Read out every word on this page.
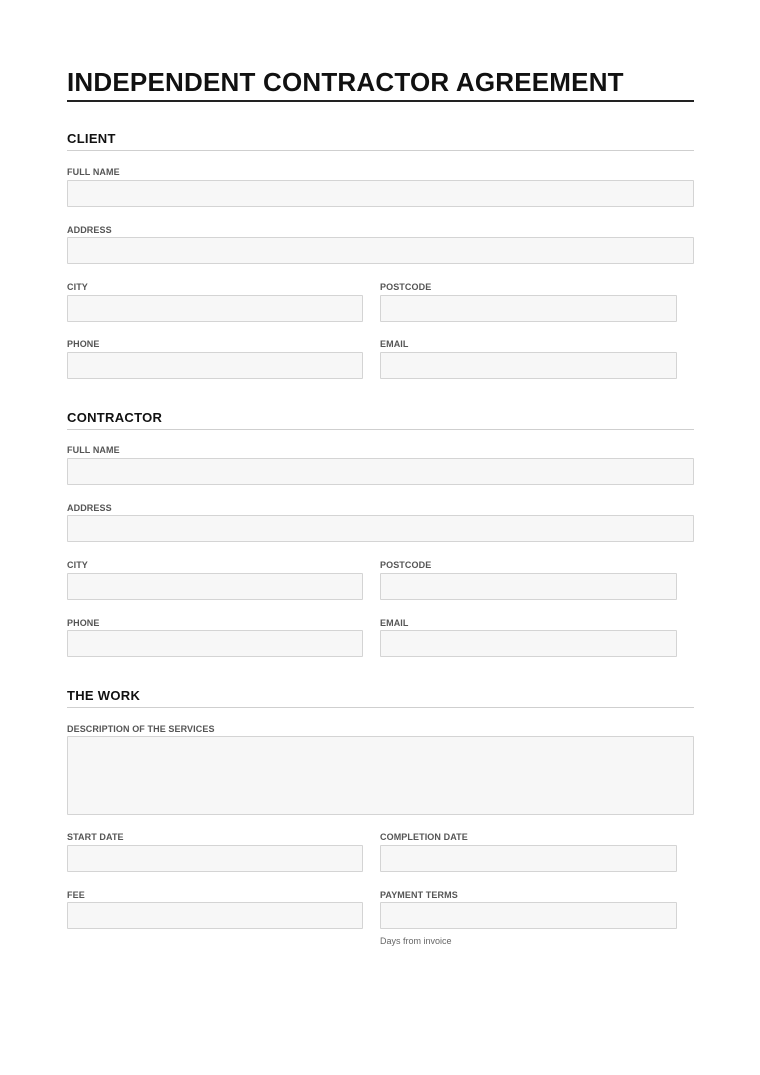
INDEPENDENT CONTRACTOR AGREEMENT
CLIENT
FULL NAME
ADDRESS
CITY	POSTCODE
PHONE	EMAIL
CONTRACTOR
FULL NAME
ADDRESS
CITY	POSTCODE
PHONE	EMAIL
THE WORK
DESCRIPTION OF THE SERVICES
START DATE	COMPLETION DATE
FEE	PAYMENT TERMS
Days from invoice
